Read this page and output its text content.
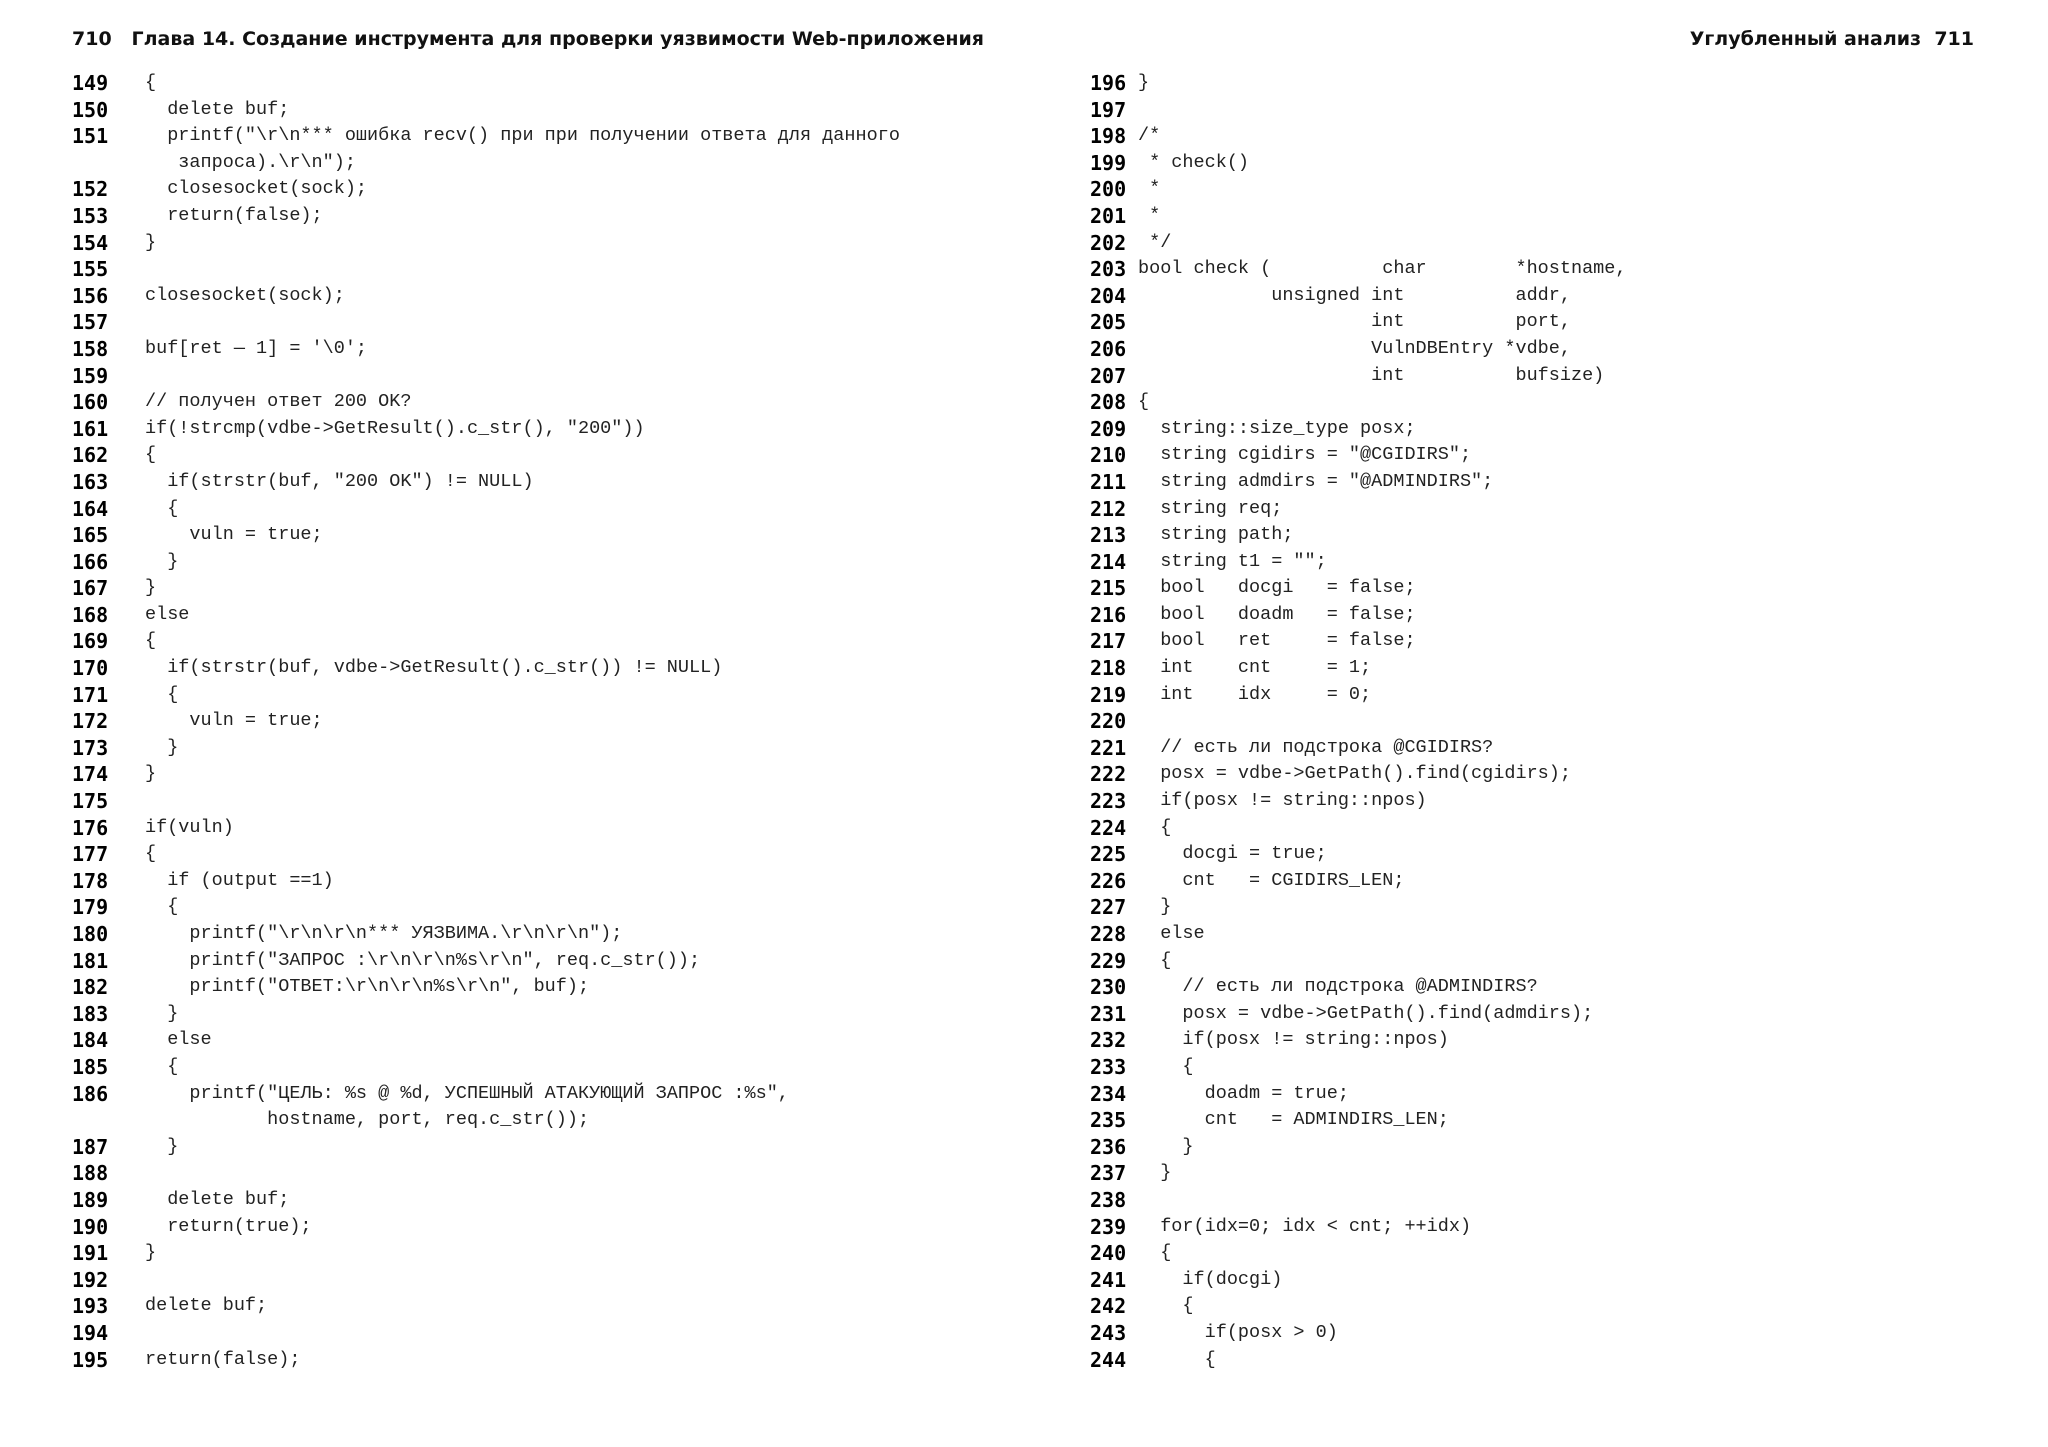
710 Глава 14. Создание инструмента для проверки уязвимости Web-приложения	Углубленный анализ 711
149 {
150 delete buf;
151 printf("\r\n*** ошибка recv() при при получении ответа для данного
запроса).\r\n");
152 closesocket(sock);
153 return(false);
154 }
155
156 closesocket(sock);
157
158 buf[ret — 1] = '\0';
159
160 // получен ответ 200 OK?
161 if(!strcmp(vdbe->GetResult().c_str(), "200"))
162 {
163 if(strstr(buf, "200 OK") != NULL)
164 {
165 vuln = true;
166 }
167 }
168 else
169 {
170 if(strstr(buf, vdbe->GetResult().c_str()) != NULL)
171 {
172 vuln = true;
173 }
174 }
175
176 if(vuln)
177 {
178 if (output ==1)
179 {
180 printf("\r\n\r\n*** УЯЗВИМА.\r\n\r\n");
181 printf("ЗАПРОС :\r\n\r\n%s\r\n", req.c_str());
182 printf("ОТВЕТ:\r\n\r\n%s\r\n", buf);
183 }
184 else
185 {
186 printf("ЦЕЛЬ: %s @ %d, УСПЕШНЫЙ АТАКУЮЩИЙ ЗАПРОС :%s",
hostname, port, req.c_str());
187 }
188
189 delete buf;
190 return(true);
191 }
192
193 delete buf;
194
195 return(false);
196 }
197
198 /*
199 * check()
200 *
201 *
202 */
203 bool check (          char        *hostname,
204 unsigned int          addr,
205 int          port,
206 VulnDBEntry *vdbe,
207 int          bufsize)
208 {
209 string::size_type posx;
210 string cgidirs = "@CGIDIRS";
211 string admdirs = "@ADMINDIRS";
212 string req;
213 string path;
214 string t1 = "";
215 bool   docgi   = false;
216 bool   doadm   = false;
217 bool   ret     = false;
218 int    cnt     = 1;
219 int    idx     = 0;
220
221 // есть ли подстрока @CGIDIRS?
222 posx = vdbe->GetPath().find(cgidirs);
223 if(posx != string::npos)
224 {
225 docgi = true;
226 cnt   = CGIDIRS_LEN;
227 }
228 else
229 {
230 // есть ли подстрока @ADMINDIRS?
231 posx = vdbe->GetPath().find(admdirs);
232 if(posx != string::npos)
233 {
234 doadm = true;
235 cnt   = ADMINDIRS_LEN;
236 }
237 }
238
239 for(idx=0; idx < cnt; ++idx)
240 {
241 if(docgi)
242 {
243 if(posx > 0)
244 {
